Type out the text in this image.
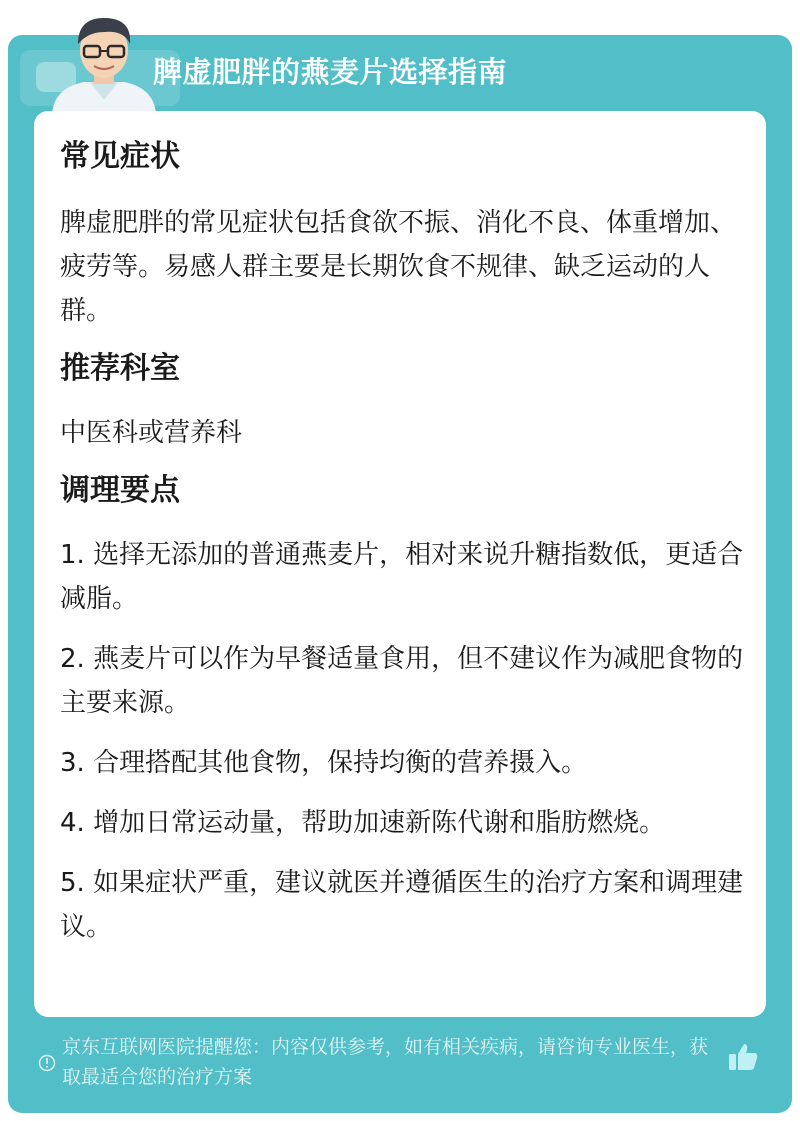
脾虚肥胖的燕麦片选择指南
常见症状

脾虚肥胖的常见症状包括食欲不振、消化不良、体重增加、疲劳等。易感人群主要是长期饮食不规律、缺乏运动的人群。

推荐科室

中医科或营养科

调理要点

1. 选择无添加的普通燕麦片，相对来说升糖指数低，更适合减脂。

2. 燕麦片可以作为早餐适量食用，但不建议作为减肥食物的主要来源。

3. 合理搭配其他食物，保持均衡的营养摄入。

4. 增加日常运动量，帮助加速新陈代谢和脂肪燃烧。

5. 如果症状严重，建议就医并遵循医生的治疗方案和调理建议。

京东互联网医院提醒您：内容仅供参考，如有相关疾病，请咨询专业医生，获取最适合您的治疗方案
